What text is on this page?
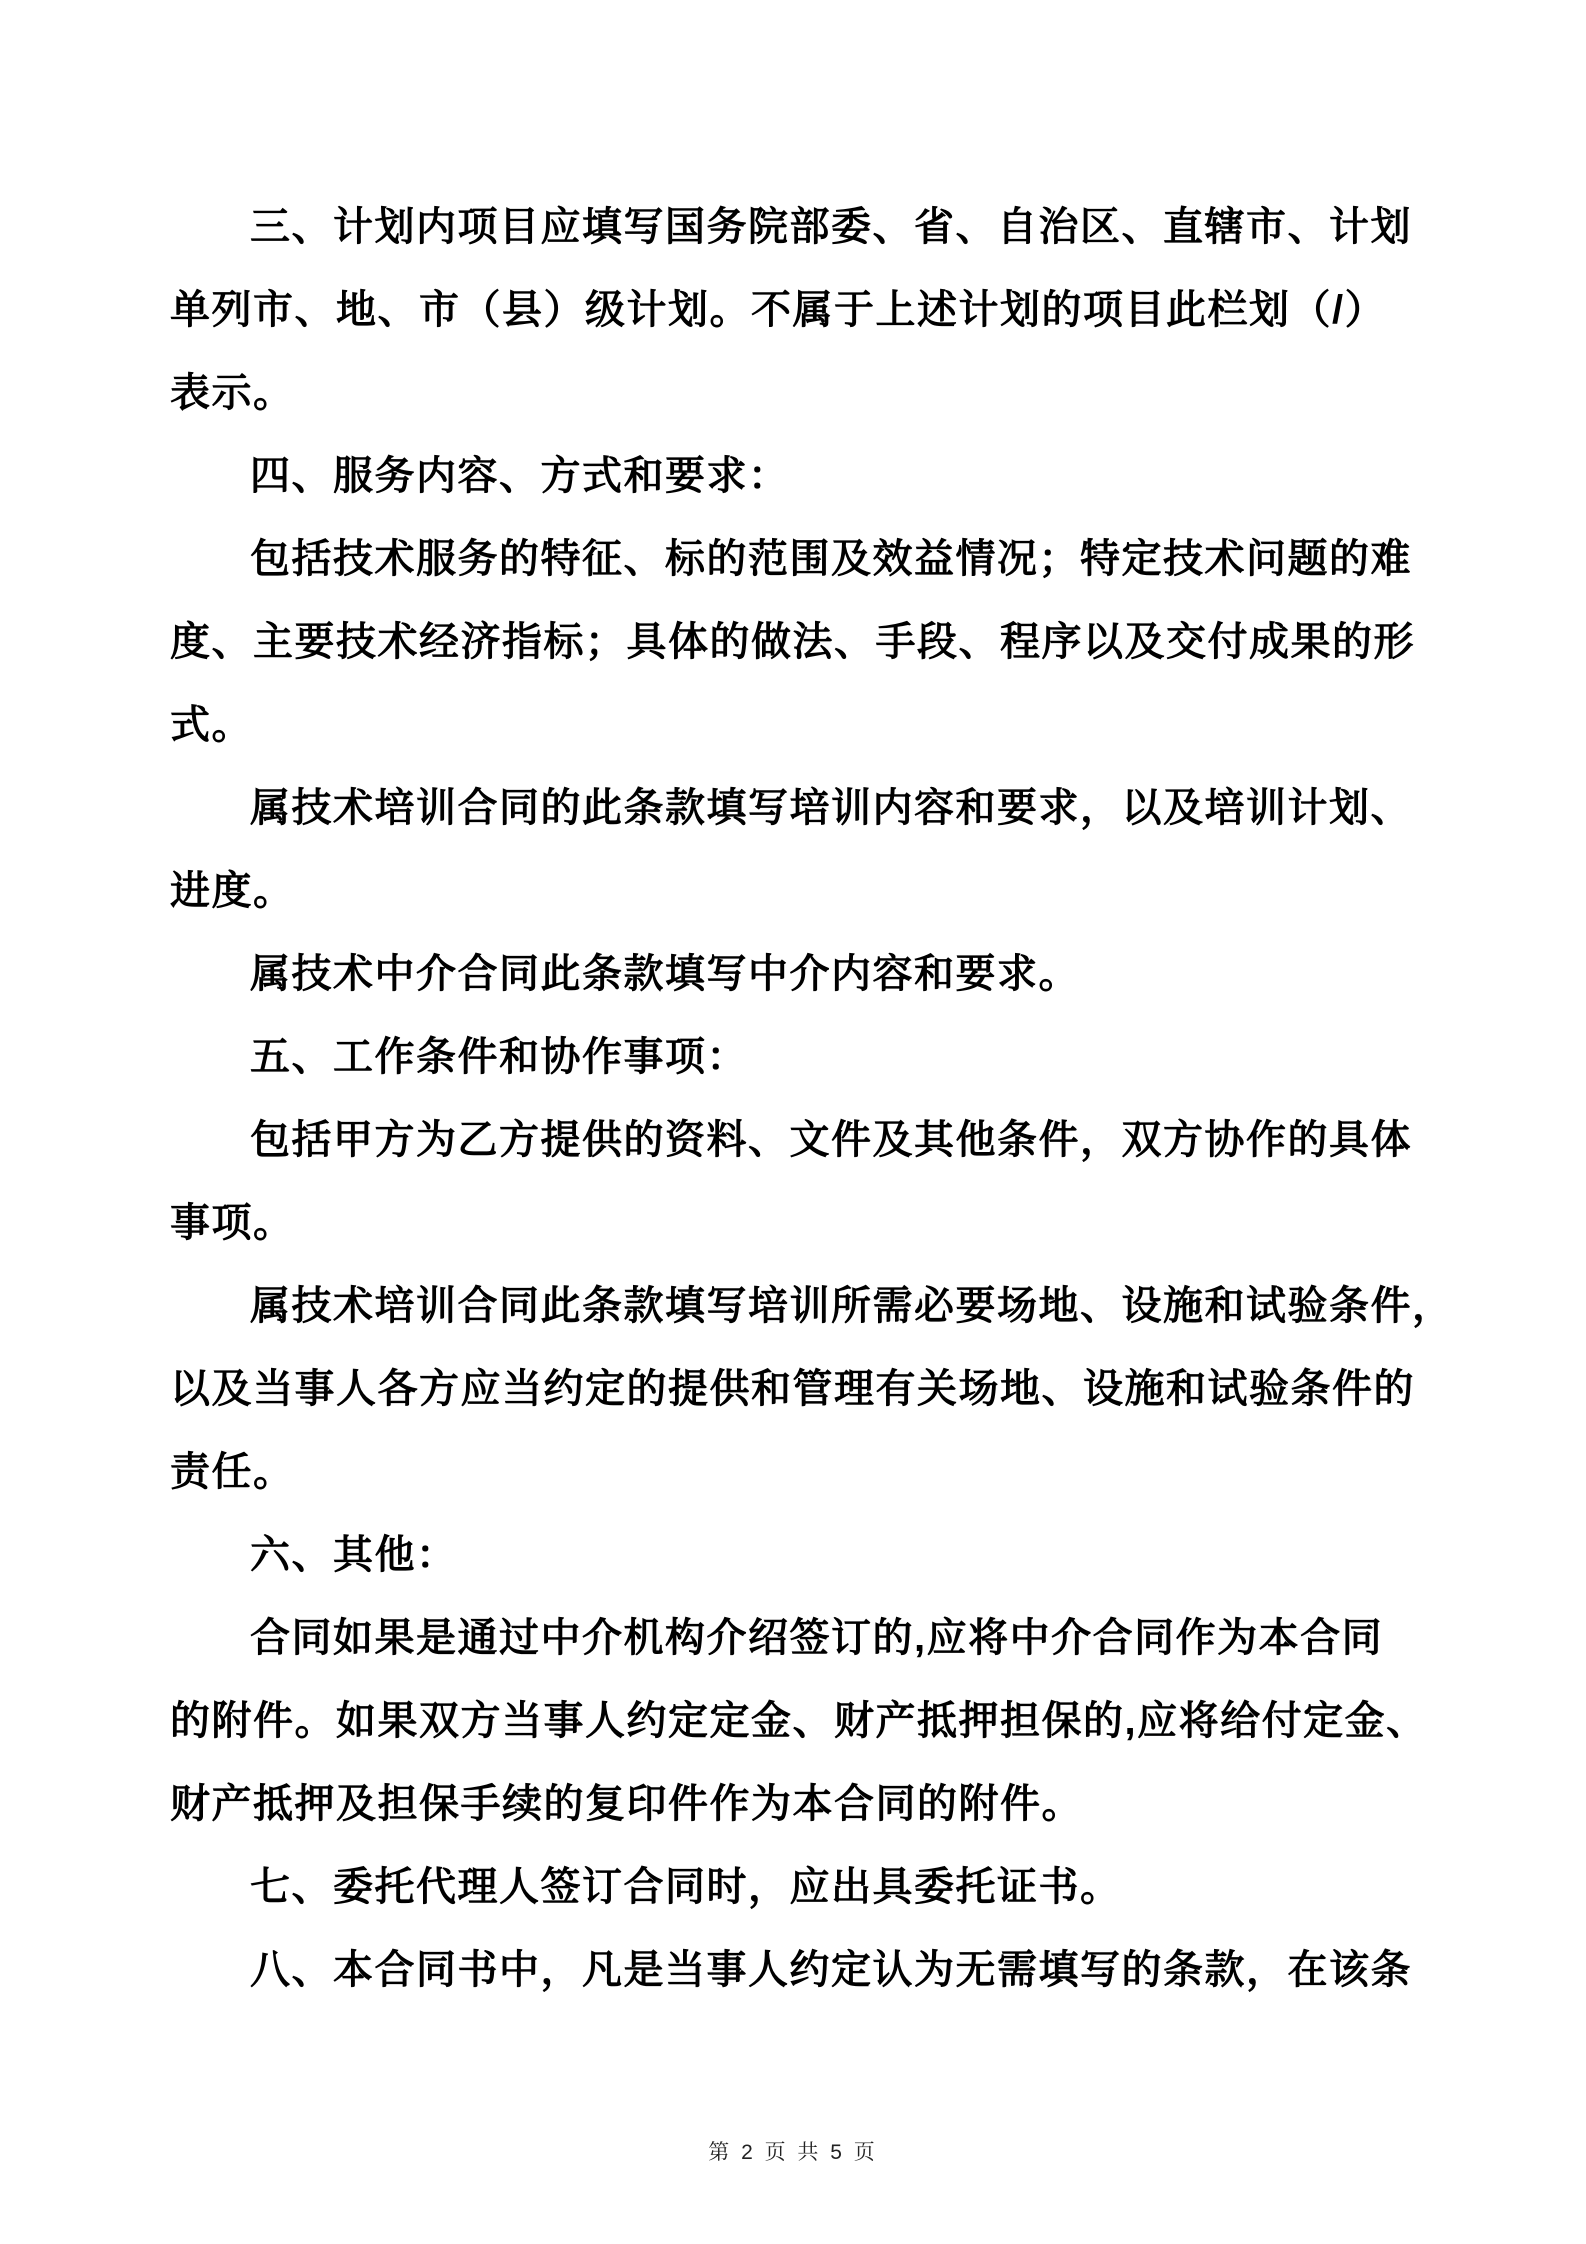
三、计划内项目应填写国务院部委、省、自治区、直辖市、计划
单列市、地、市（县）级计划。不属于上述计划的项目此栏划（/）
表示。
四、服务内容、方式和要求：
包括技术服务的特征、标的范围及效益情况；特定技术问题的难
度、主要技术经济指标；具体的做法、手段、程序以及交付成果的形
式。
属技术培训合同的此条款填写培训内容和要求，以及培训计划、
进度。
属技术中介合同此条款填写中介内容和要求。
五、工作条件和协作事项：
包括甲方为乙方提供的资料、文件及其他条件，双方协作的具体
事项。
属技术培训合同此条款填写培训所需必要场地、设施和试验条件，
以及当事人各方应当约定的提供和管理有关场地、设施和试验条件的
责任。
六、其他：
合同如果是通过中介机构介绍签订的,应将中介合同作为本合同
的附件。如果双方当事人约定定金、财产抵押担保的,应将给付定金、
财产抵押及担保手续的复印件作为本合同的附件。
七、委托代理人签订合同时，应出具委托证书。
八、本合同书中，凡是当事人约定认为无需填写的条款，在该条
第 2 页 共 5 页
